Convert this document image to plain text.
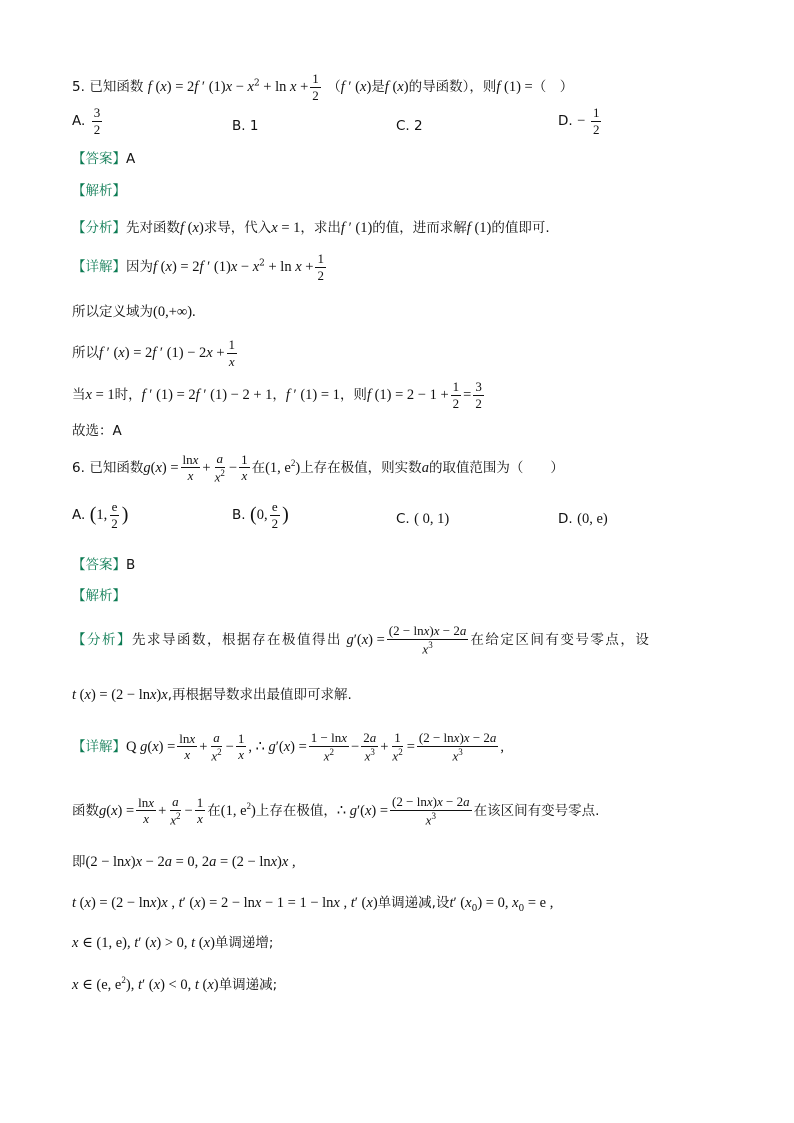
5. 已知函数 f (x) = 2f ′ $(1)x - x^2 + \ln x + \frac{1}{2} (f$ ′ (x)是f (x)的导函数），则f (1) =（　）
A. $\frac{3}{2}$	B. 1	C. 2	D. − $\frac{1}{2}$
【答案】A
【解析】
【分析】先对函数f (x)求导，代入x = 1，求出f ′ (1)的值，进而求解f (1)的值即可.
【详解】因为f (x) = 2f ′ $(1)x - x^2 + \ln x + \frac{1}{2}$
所以定义域为(0,+∞).
所以f ′ (x) = 2f ′ $(1) - 2x + \frac{1}{x}$
当x = 1时，f ′ (1) = 2f ′ (1) − 2 + 1，f ′ (1) = 1，则f $(1) = 2 - 1 + \frac{1}{2} = \frac{3}{2}$
故选：A
6. 已知函数$g(x) = \frac{\ln x}{x} + \frac{a}{x^2} - \frac{1}{x}$ 在(1, $e^2$)上存在极值，则实数a的取值范围为（　　）
A. (1, $\frac{e}{2}$ )	B. (0, $\frac{e}{2}$ )	C. ( 0, 1)	D. (0, e)
【答案】B
【解析】
【分析】先求导函数，根据存在极值得出 $g'(x) = \frac{(2 - \ln x)x - 2a}{x^3}$ 在给定区间有变号零点，设
t (x) = (2 − lnx)x,再根据导数求出最值即可求解.
【详解】Q $g(x) = \frac{\ln x}{x} + \frac{a}{x^2} - \frac{1}{x}$ , ∴ $g'(x) = \frac{1 - \ln x}{x^2} - \frac{2a}{x^3} + \frac{1}{x^2} = \frac{(2 - \ln x)x - 2a}{x^3}$ ,
函数$g(x) = \frac{\ln x}{x} + \frac{a}{x^2} - \frac{1}{x}$ 在(1, $e^2$)上存在极值，∴ $g'(x) = \frac{(2 - \ln x)x - 2a}{x^3}$ 在该区间有变号零点.
即(2 − lnx)x − 2a = 0, 2a = (2 − lnx)x ,
t (x) = (2 − lnx)x , t′ (x) = 2 − lnx − 1 = 1 − lnx , t′ (x)单调递减,设t′ $(x_0) = 0$, $x_0 = e$ ,
x ∈ (1, e), t′ (x) > 0, t (x)单调递增;
x ∈ (e, $e^2$), t′ (x) < 0, t (x)单调递减;
